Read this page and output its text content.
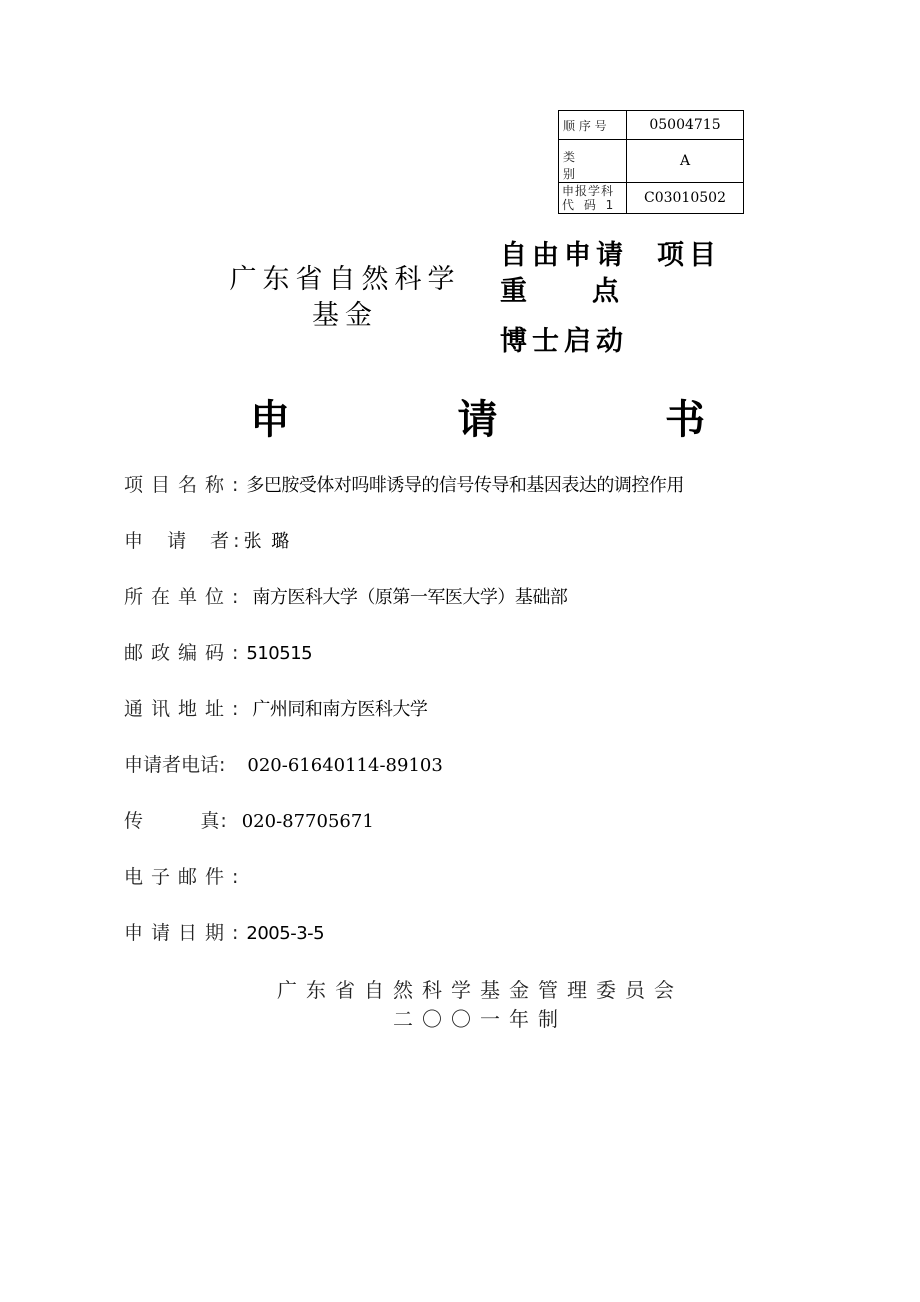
顺 序 号	05004715

类 别	A

申报学科
代 码 1	C03010502
广东省自然科学
基金
自由申请 项目
重 点
博士启动
申	请	书
项目名称: 多巴胺受体对吗啡诱导的信号传导和基因表达的调控作用
申  请  者: 张 璐
所在单位: 南方医科大学（原第一军医大学）基础部
邮政编码: 510515
通讯地址: 广州同和南方医科大学
申请者电话: 020-61640114-89103
传        真: 020-87705671
电子邮件:
申请日期: 2005-3-5
广东省自然科学基金管理委员会
二〇〇一年制
